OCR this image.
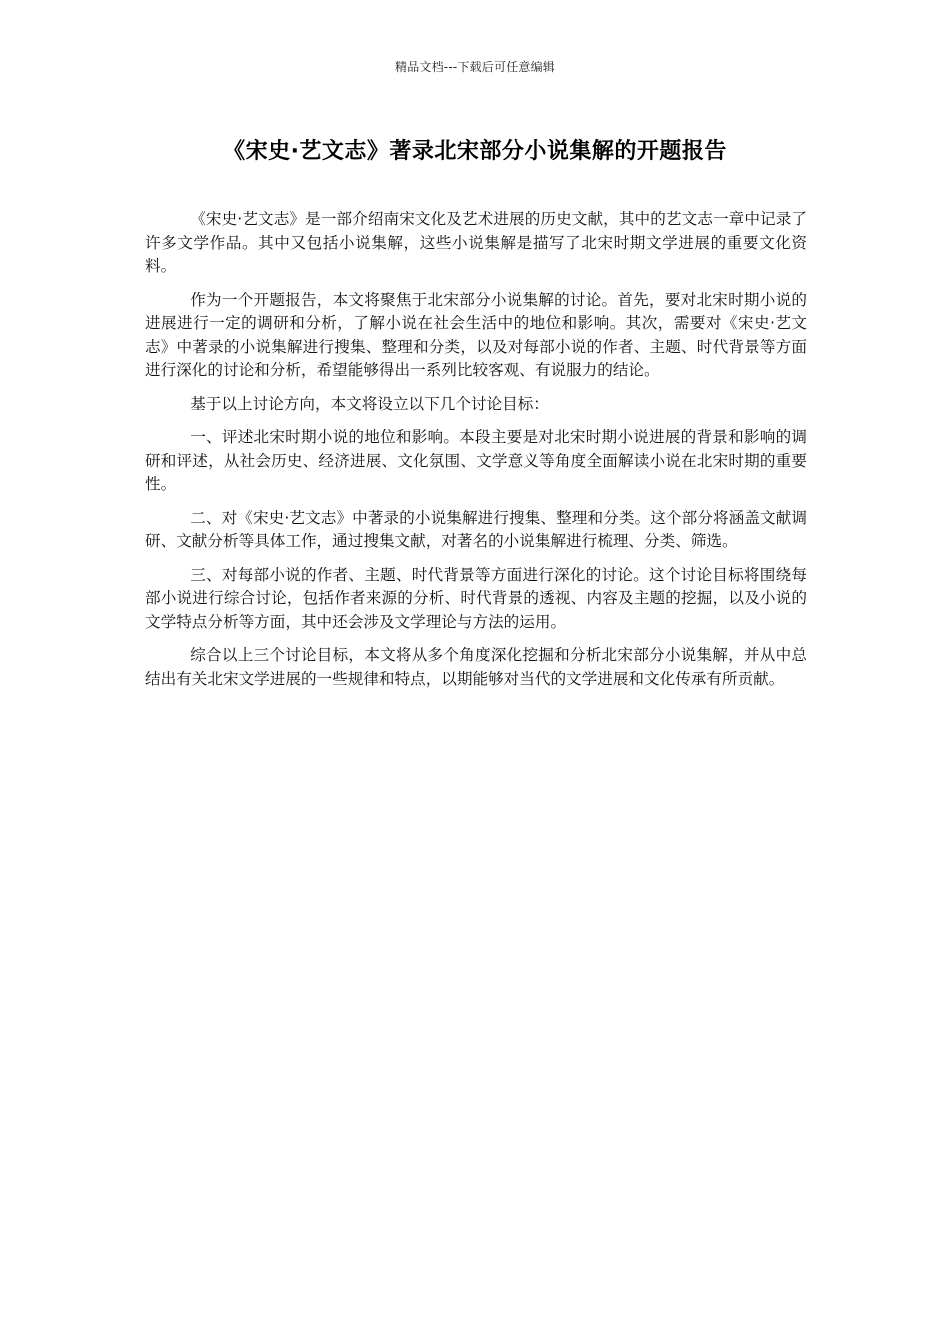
精品文档---下载后可任意编辑
《宋史·艺文志》著录北宋部分小说集解的开题报告

《宋史·艺文志》是一部介绍南宋文化及艺术进展的历史文献，其中的艺文志一章中记录了许多文学作品。其中又包括小说集解，这些小说集解是描写了北宋时期文学进展的重要文化资料。

作为一个开题报告，本文将聚焦于北宋部分小说集解的讨论。首先，要对北宋时期小说的进展进行一定的调研和分析，了解小说在社会生活中的地位和影响。其次，需要对《宋史·艺文志》中著录的小说集解进行搜集、整理和分类，以及对每部小说的作者、主题、时代背景等方面进行深化的讨论和分析，希望能够得出一系列比较客观、有说服力的结论。

基于以上讨论方向，本文将设立以下几个讨论目标：

一、评述北宋时期小说的地位和影响。本段主要是对北宋时期小说进展的背景和影响的调研和评述，从社会历史、经济进展、文化氛围、文学意义等角度全面解读小说在北宋时期的重要性。

二、对《宋史·艺文志》中著录的小说集解进行搜集、整理和分类。这个部分将涵盖文献调研、文献分析等具体工作，通过搜集文献，对著名的小说集解进行梳理、分类、筛选。

三、对每部小说的作者、主题、时代背景等方面进行深化的讨论。这个讨论目标将围绕每部小说进行综合讨论，包括作者来源的分析、时代背景的透视、内容及主题的挖掘，以及小说的文学特点分析等方面，其中还会涉及文学理论与方法的运用。

综合以上三个讨论目标，本文将从多个角度深化挖掘和分析北宋部分小说集解，并从中总结出有关北宋文学进展的一些规律和特点，以期能够对当代的文学进展和文化传承有所贡献。
